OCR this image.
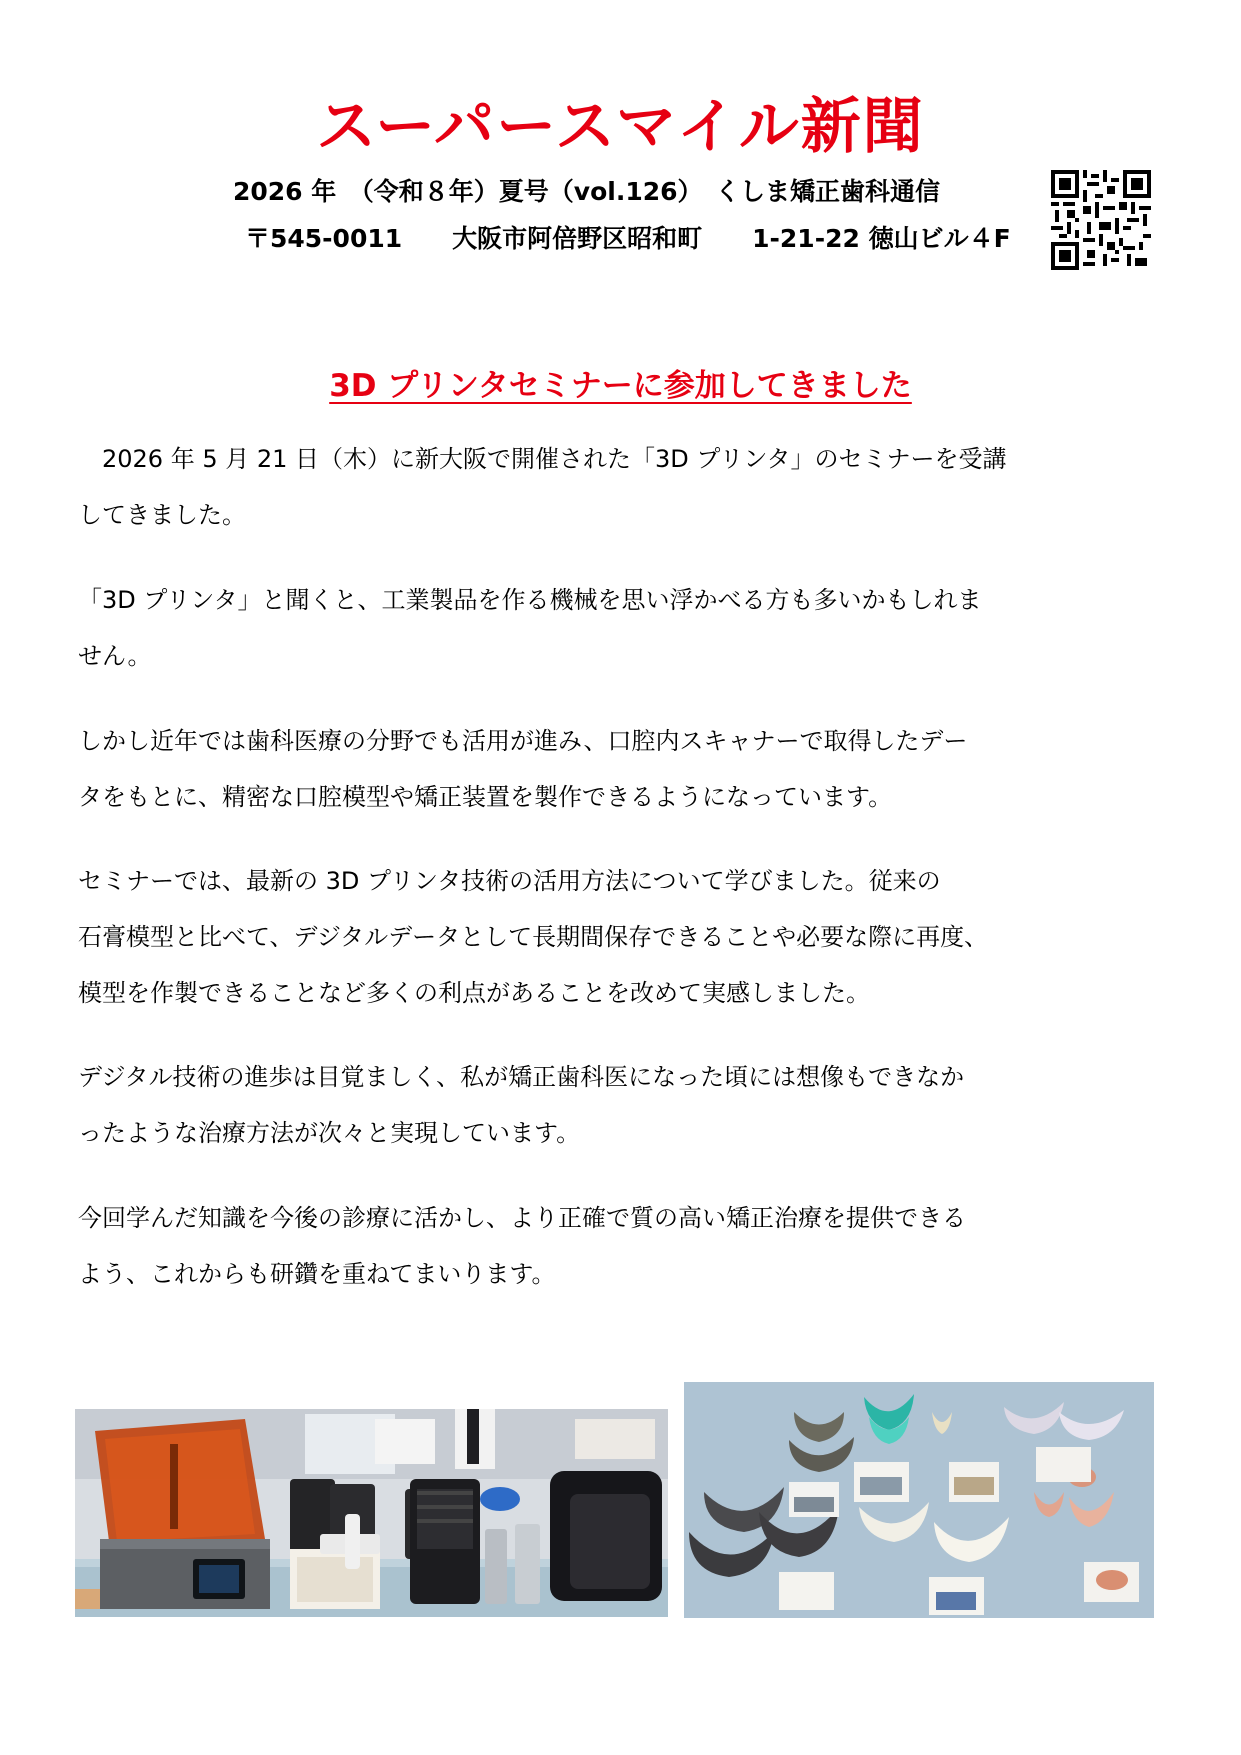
スーパースマイル新聞
2026 年　（令和８年）夏号（vol.126）　くしま矯正歯科通信
〒545-0011　　大阪市阿倍野区昭和町　　1-21-22 徳山ビル４F
3D プリンタセミナーに参加してきました
　2026 年 5 月 21 日（木）に新大阪で開催された「3D プリンタ」のセミナーを受講
してきました。
「3D プリンタ」と聞くと、工業製品を作る機械を思い浮かべる方も多いかもしれま
せん。
しかし近年では歯科医療の分野でも活用が進み、口腔内スキャナーで取得したデー
タをもとに、精密な口腔模型や矯正装置を製作できるようになっています。
セミナーでは、最新の 3D プリンタ技術の活用方法について学びました。従来の
石膏模型と比べて、デジタルデータとして長期間保存できることや必要な際に再度、
模型を作製できることなど多くの利点があることを改めて実感しました。
デジタル技術の進歩は目覚ましく、私が矯正歯科医になった頃には想像もできなか
ったような治療方法が次々と実現しています。
今回学んだ知識を今後の診療に活かし、より正確で質の高い矯正治療を提供できる
よう、これからも研鑽を重ねてまいります。
